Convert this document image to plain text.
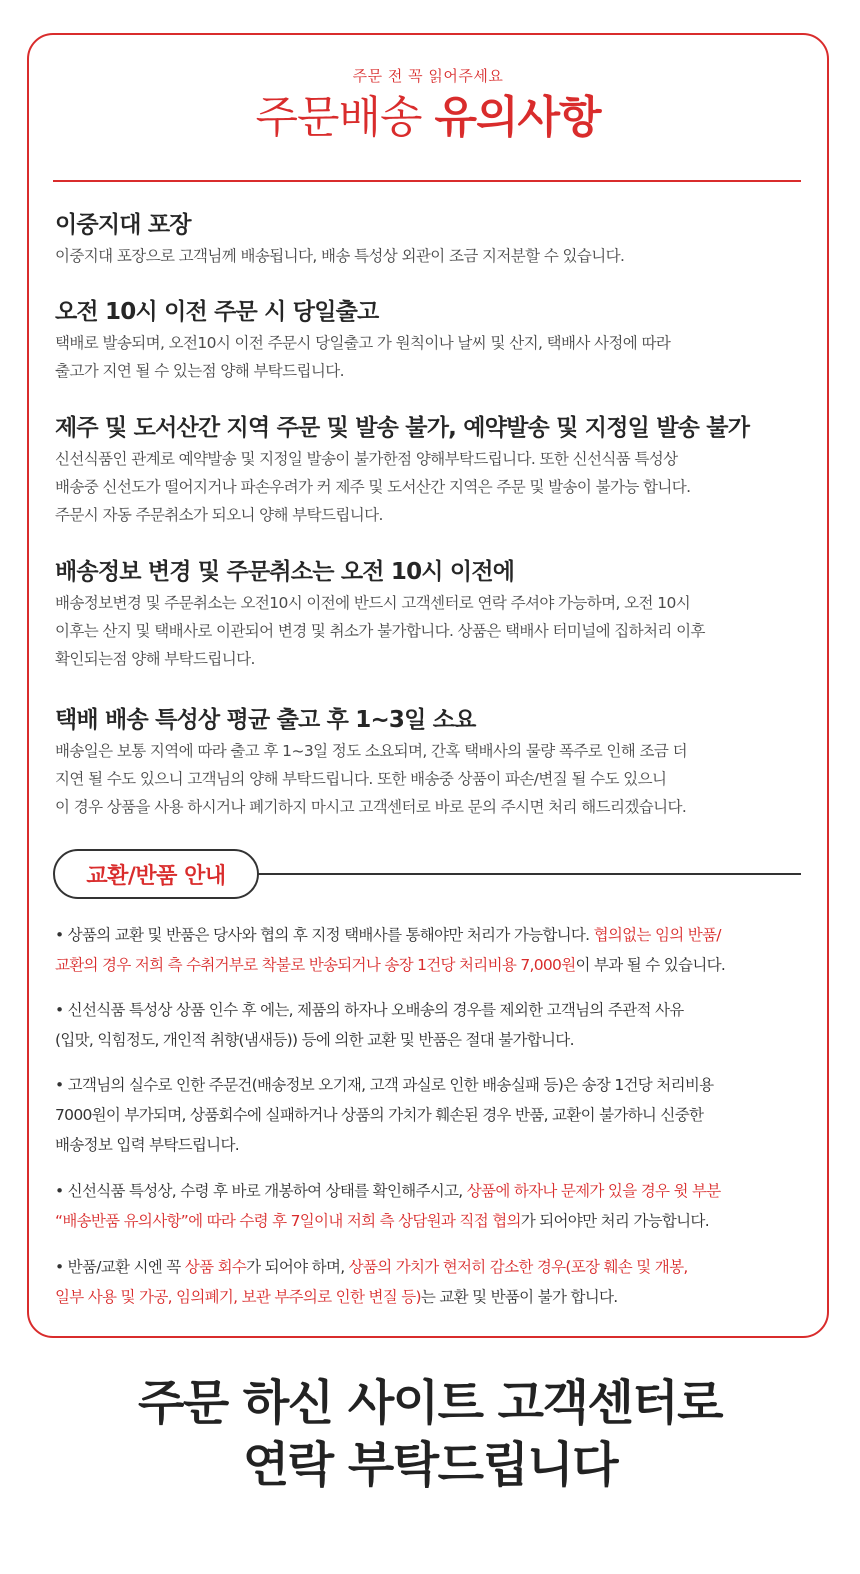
주문 전 꼭 읽어주세요
주문배송 유의사항
이중지대 포장

이중지대 포장으로 고객님께 배송됩니다, 배송 특성상 외관이 조금 지저분할 수 있습니다.

오전 10시 이전 주문 시 당일출고

택배로 발송되며, 오전10시 이전 주문시 당일출고 가 원칙이나 날씨 및 산지, 택배사 사정에 따라
출고가 지연 될 수 있는점 양해 부탁드립니다.

제주 및 도서산간 지역 주문 및 발송 불가, 예약발송 및 지정일 발송 불가

신선식품인 관계로 예약발송 및 지정일 발송이 불가한점 양해부탁드립니다. 또한 신선식품 특성상
배송중 신선도가 떨어지거나 파손우려가 커 제주 및 도서산간 지역은 주문 및 발송이 불가능 합니다.
주문시 자동 주문취소가 되오니 양해 부탁드립니다.

배송정보 변경 및 주문취소는 오전 10시 이전에

배송정보변경 및 주문취소는 오전10시 이전에 반드시 고객센터로 연락 주셔야 가능하며, 오전 10시
이후는 산지 및 택배사로 이관되어 변경 및 취소가 불가합니다. 상품은 택배사 터미널에 집하처리 이후
확인되는점 양해 부탁드립니다.

택배 배송 특성상 평균 출고 후 1~3일 소요

배송일은 보통 지역에 따라 출고 후 1~3일 정도 소요되며, 간혹 택배사의 물량 폭주로 인해 조금 더
지연 될 수도 있으니 고객님의 양해 부탁드립니다. 또한 배송중 상품이 파손/변질 될 수도 있으니
이 경우 상품을 사용 하시거나 폐기하지 마시고 고객센터로 바로 문의 주시면 처리 해드리겠습니다.

교환/반품 안내
• 상품의 교환 및 반품은 당사와 협의 후 지정 택배사를 통해야만 처리가 가능합니다. 협의없는 임의 반품/
교환의 경우 저희 측 수취거부로 착불로 반송되거나 송장 1건당 처리비용 7,000원이 부과 될 수 있습니다.
• 신선식품 특성상 상품 인수 후 에는, 제품의 하자나 오배송의 경우를 제외한 고객님의 주관적 사유
(입맛, 익힘정도, 개인적 취향(냄새등)) 등에 의한 교환 및 반품은 절대 불가합니다.
• 고객님의 실수로 인한 주문건(배송정보 오기재, 고객 과실로 인한 배송실패 등)은 송장 1건당 처리비용
7000원이 부가되며, 상품회수에 실패하거나 상품의 가치가 훼손된 경우 반품, 교환이 불가하니 신중한
배송정보 입력 부탁드립니다.
• 신선식품 특성상, 수령 후 바로 개봉하여 상태를 확인해주시고, 상품에 하자나 문제가 있을 경우 윗 부분
“배송반품 유의사항”에 따라 수령 후 7일이내 저희 측 상담원과 직접 협의가 되어야만 처리 가능합니다.
• 반품/교환 시엔 꼭 상품 회수가 되어야 하며, 상품의 가치가 현저히 감소한 경우(포장 훼손 및 개봉,
일부 사용 및 가공, 임의폐기, 보관 부주의로 인한 변질 등)는 교환 및 반품이 불가 합니다.
주문 하신 사이트 고객센터로
연락 부탁드립니다
